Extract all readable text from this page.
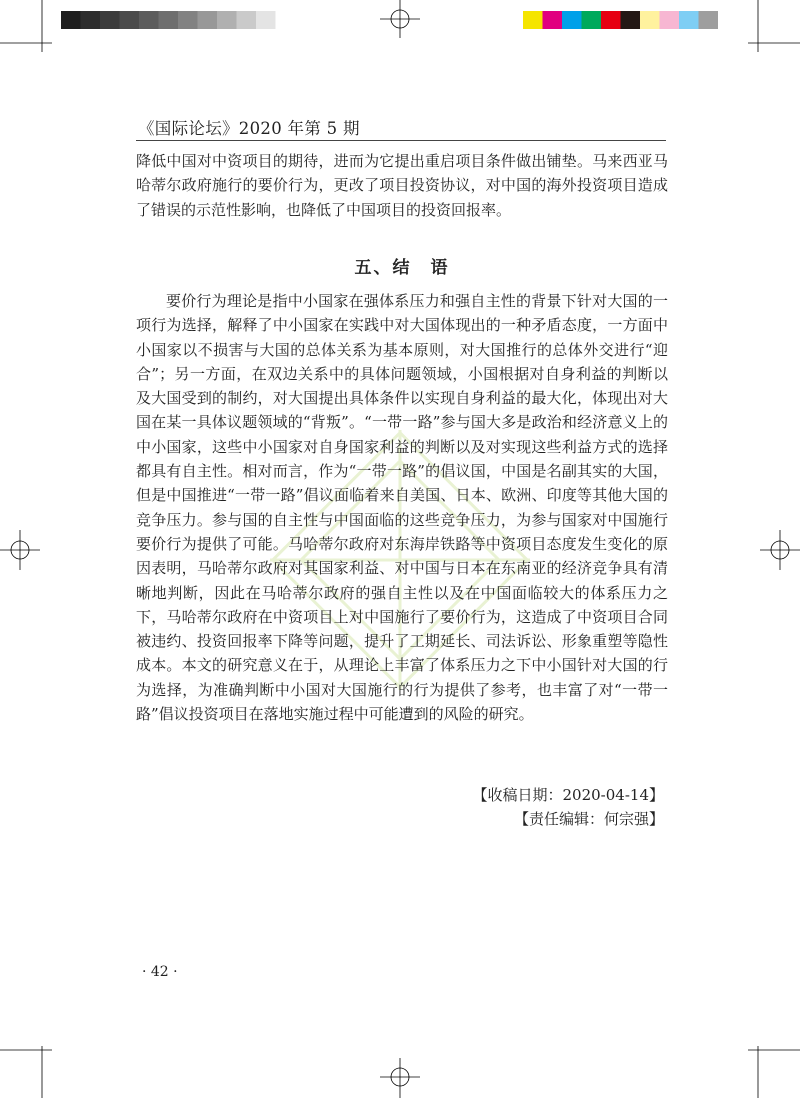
《国际论坛》2020 年第 5 期
降低中国对中资项目的期待，进而为它提出重启项目条件做出铺垫。马来西亚马哈蒂尔政府施行的要价行为，更改了项目投资协议，对中国的海外投资项目造成了错误的示范性影响，也降低了中国项目的投资回报率。
五、结　语
要价行为理论是指中小国家在强体系压力和强自主性的背景下针对大国的一项行为选择，解释了中小国家在实践中对大国体现出的一种矛盾态度，一方面中小国家以不损害与大国的总体关系为基本原则，对大国推行的总体外交进行“迎合”；另一方面，在双边关系中的具体问题领域，小国根据对自身利益的判断以及大国受到的制约，对大国提出具体条件以实现自身利益的最大化，体现出对大国在某一具体议题领域的“背叛”。“一带一路”参与国大多是政治和经济意义上的中小国家，这些中小国家对自身国家利益的判断以及对实现这些利益方式的选择都具有自主性。相对而言，作为“一带一路”的倡议国，中国是名副其实的大国，但是中国推进“一带一路”倡议面临着来自美国、日本、欧洲、印度等其他大国的竞争压力。参与国的自主性与中国面临的这些竞争压力，为参与国家对中国施行要价行为提供了可能。马哈蒂尔政府对东海岸铁路等中资项目态度发生变化的原因表明，马哈蒂尔政府对其国家利益、对中国与日本在东南亚的经济竞争具有清晰地判断，因此在马哈蒂尔政府的强自主性以及在中国面临较大的体系压力之下，马哈蒂尔政府在中资项目上对中国施行了要价行为，这造成了中资项目合同被违约、投资回报率下降等问题，提升了工期延长、司法诉讼、形象重塑等隐性成本。本文的研究意义在于，从理论上丰富了体系压力之下中小国针对大国的行为选择，为准确判断中小国对大国施行的行为提供了参考，也丰富了对“一带一路”倡议投资项目在落地实施过程中可能遭到的风险的研究。
【收稿日期：2020-04-14】
【责任编辑：何宗强】
· 42 ·
